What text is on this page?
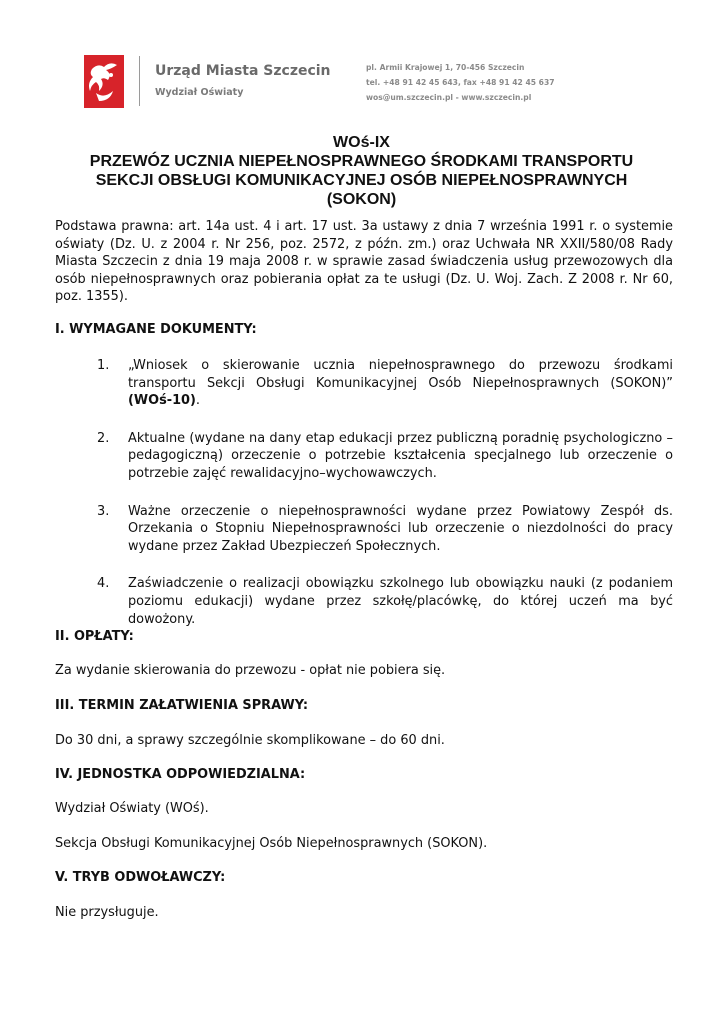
Urząd Miasta Szczecin
Wydział Oświaty
pl. Armii Krajowej 1, 70-456 Szczecin
tel. +48 91 42 45 643, fax +48 91 42 45 637
wos@um.szczecin.pl - www.szczecin.pl
WOś-IX
PRZEWÓZ UCZNIA NIEPEŁNOSPRAWNEGO ŚRODKAMI TRANSPORTU
SEKCJI OBSŁUGI KOMUNIKACYJNEJ OSÓB NIEPEŁNOSPRAWNYCH
(SOKON)
Podstawa prawna: art. 14a ust. 4 i art. 17 ust. 3a ustawy z dnia 7 września 1991 r. o systemie oświaty (Dz. U. z 2004 r. Nr 256, poz. 2572, z późn. zm.) oraz Uchwała NR XXII/580/08 Rady Miasta Szczecin z dnia 19 maja 2008 r. w sprawie zasad świadczenia usług przewozowych dla osób niepełnosprawnych oraz pobierania opłat za te usługi (Dz. U. Woj. Zach. Z 2008 r. Nr 60, poz. 1355).
I. WYMAGANE DOKUMENTY:
1. „Wniosek o skierowanie ucznia niepełnosprawnego do przewozu środkami transportu Sekcji Obsługi Komunikacyjnej Osób Niepełnosprawnych (SOKON)” (WOś-10).
2. Aktualne (wydane na dany etap edukacji przez publiczną poradnię psychologiczno – pedagogiczną) orzeczenie o potrzebie kształcenia specjalnego lub orzeczenie o potrzebie zajęć rewalidacyjno–wychowawczych.
3. Ważne orzeczenie o niepełnosprawności wydane przez Powiatowy Zespół ds. Orzekania o Stopniu Niepełnosprawności lub orzeczenie o niezdolności do pracy wydane przez Zakład Ubezpieczeń Społecznych.
4. Zaświadczenie o realizacji obowiązku szkolnego lub obowiązku nauki (z podaniem poziomu edukacji) wydane przez szkołę/placówkę, do której uczeń ma być dowożony.
II. OPŁATY:
Za wydanie skierowania do przewozu - opłat nie pobiera się.
III. TERMIN ZAŁATWIENIA SPRAWY:
Do 30 dni, a sprawy szczególnie skomplikowane – do 60 dni.
IV. JEDNOSTKA ODPOWIEDZIALNA:
Wydział Oświaty (WOś).
Sekcja Obsługi Komunikacyjnej Osób Niepełnosprawnych (SOKON).
V. TRYB ODWOŁAWCZY:
Nie przysługuje.
